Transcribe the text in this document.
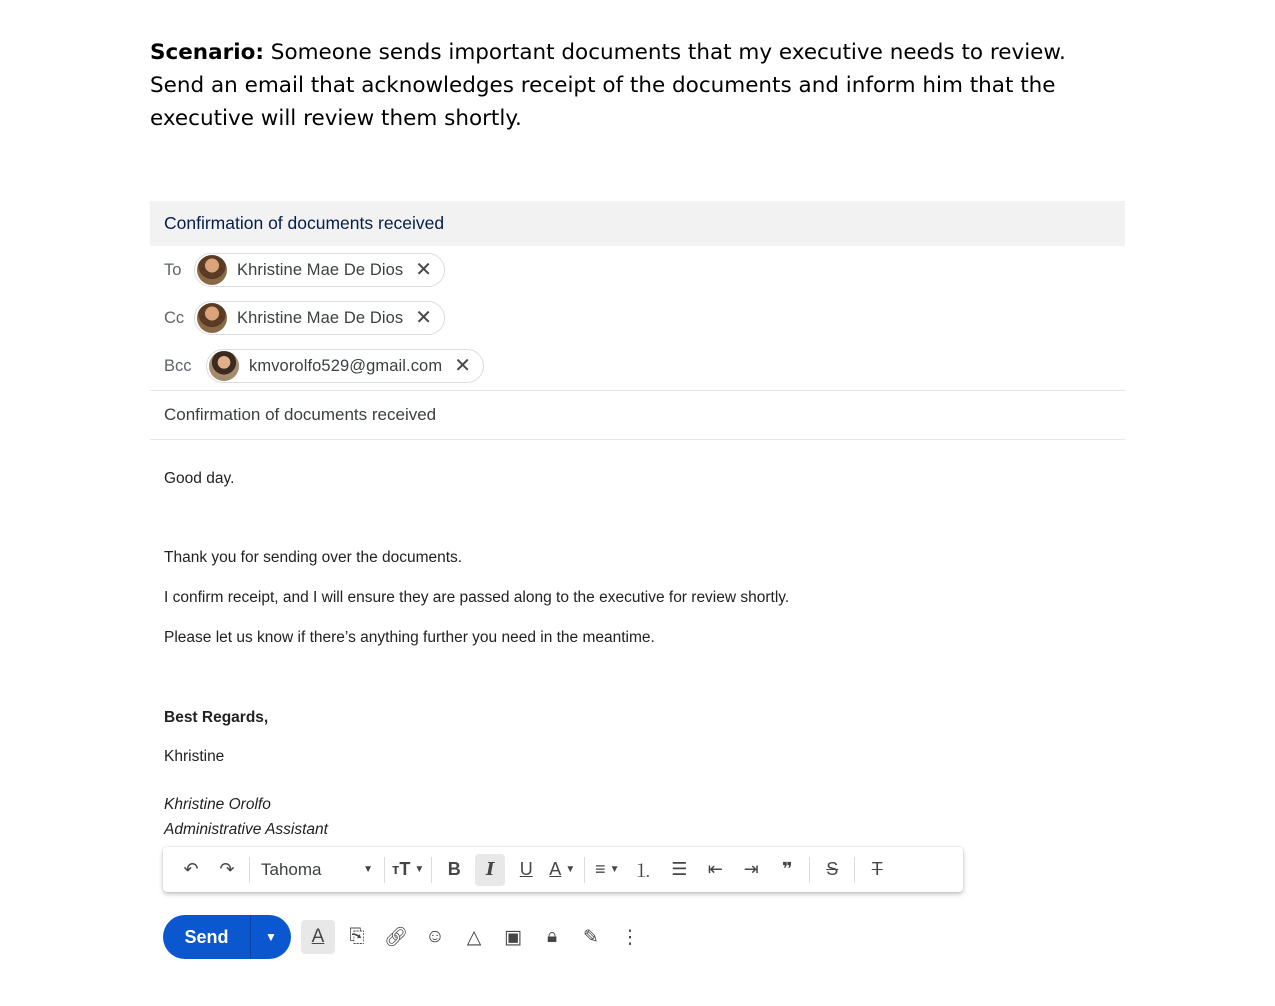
Scenario: Someone sends important documents that my executive needs to review. Send an email that acknowledges receipt of the documents and inform him that the executive will review them shortly.
Confirmation of documents received
To	Khristine Mae De Dios ✕
Cc	Khristine Mae De Dios ✕
Bcc	kmvorolfo529@gmail.com ✕
Confirmation of documents received

Good day.

Thank you for sending over the documents.

I confirm receipt, and I will ensure they are passed along to the executive for review shortly.

Please let us know if there’s anything further you need in the meantime.

Best Regards,

Khristine

Khristine Orolfo

Administrative Assistant

↶	↷	Tahoma	▼ т T ▼ B I U A ▼ ≡ ▼ ⒈	☰	⇤	⇥	❞ S T
Send	▼	A	⎘	🔗︎ ☺	△	▣	🔒︎	✎	⋮
